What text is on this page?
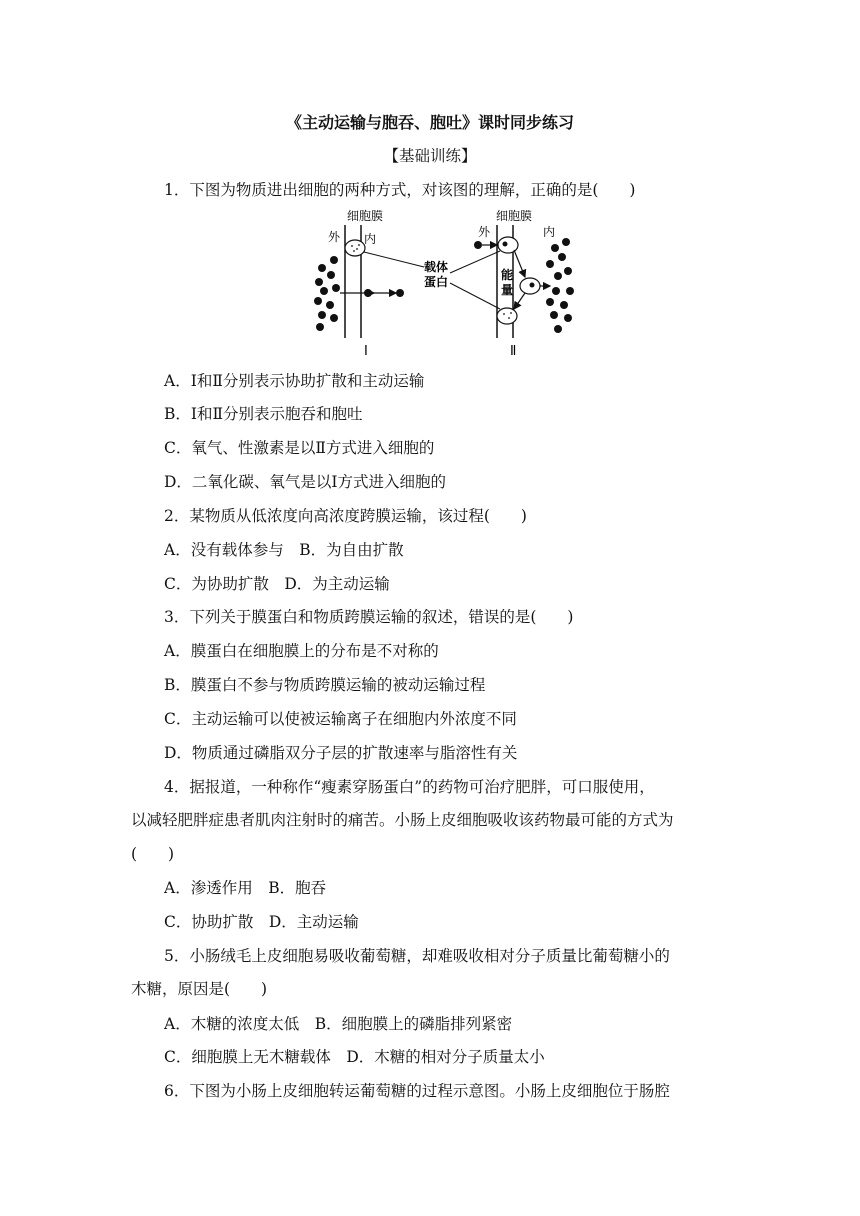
《主动运输与胞吞、胞吐》课时同步练习
【基础训练】
1．下图为物质进出细胞的两种方式，对该图的理解，正确的是(　　)
细胞膜
外 内
Ⅰ
载体
蛋白
细胞膜
外	内
能
量
Ⅱ
A．Ⅰ和Ⅱ分别表示协助扩散和主动运输
B．Ⅰ和Ⅱ分别表示胞吞和胞吐
C．氧气、性激素是以Ⅱ方式进入细胞的
D．二氧化碳、氧气是以Ⅰ方式进入细胞的
2．某物质从低浓度向高浓度跨膜运输，该过程(　　)
A．没有载体参与　B．为自由扩散
C．为协助扩散　D．为主动运输
3．下列关于膜蛋白和物质跨膜运输的叙述，错误的是(　　)
A．膜蛋白在细胞膜上的分布是不对称的
B．膜蛋白不参与物质跨膜运输的被动运输过程
C．主动运输可以使被运输离子在细胞内外浓度不同
D．物质通过磷脂双分子层的扩散速率与脂溶性有关
4．据报道，一种称作“瘦素穿肠蛋白”的药物可治疗肥胖，可口服使用，
以减轻肥胖症患者肌肉注射时的痛苦。小肠上皮细胞吸收该药物最可能的方式为
(　　)
A．渗透作用　B．胞吞
C．协助扩散　D．主动运输
5．小肠绒毛上皮细胞易吸收葡萄糖，却难吸收相对分子质量比葡萄糖小的
木糖，原因是(　　)
A．木糖的浓度太低　B．细胞膜上的磷脂排列紧密
C．细胞膜上无木糖载体　D．木糖的相对分子质量太小
6．下图为小肠上皮细胞转运葡萄糖的过程示意图。小肠上皮细胞位于肠腔
